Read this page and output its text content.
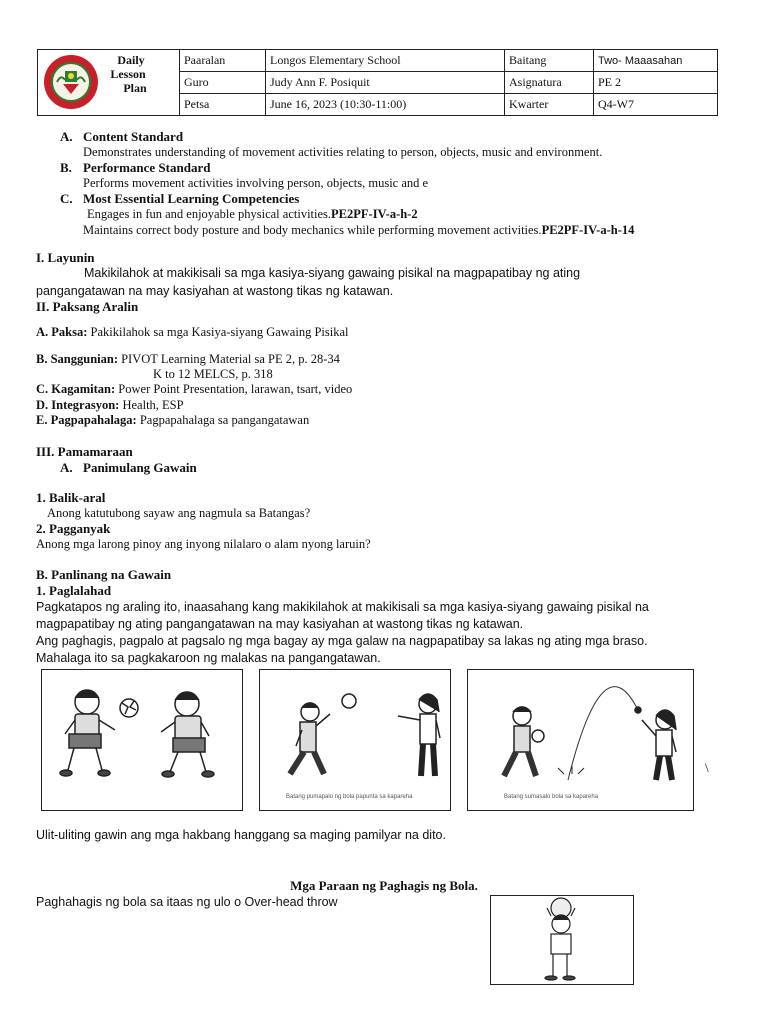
Daily
Lesson
Plan	Paaralan	Longos Elementary School	Baitang	Two- Maaasahan
	Guro	Judy Ann F. Posiquit	Asignatura	PE 2
	Petsa	June 16, 2023 (10:30-11:00)	Kwarter	Q4-W7
A. Content Standard
Demonstrates understanding of movement activities relating to person, objects, music and environment.
B. Performance Standard
Performs movement activities involving person, objects, music and e
C. Most Essential Learning Competencies
Engages in fun and enjoyable physical activities.PE2PF-IV-a-h-2
Maintains correct body posture and body mechanics while performing movement activities.PE2PF-IV-a-h-14
I. Layunin
Makikilahok at makikisali sa mga kasiya-siyang gawaing pisikal na magpapatibay ng ating
pangangatawan na may kasiyahan at wastong tikas ng katawan.
II. Paksang Aralin
A. Paksa: Pakikilahok sa mga Kasiya-siyang Gawaing Pisikal
B. Sanggunian: PIVOT Learning Material sa PE 2, p. 28-34
K to 12 MELCS, p. 318
C. Kagamitan: Power Point Presentation, larawan, tsart, video
D. Integrasyon: Health, ESP
E. Pagpapahalaga: Pagpapahalaga sa pangangatawan
III. Pamamaraan
A. Panimulang Gawain
1. Balik-aral
Anong katutubong sayaw ang nagmula sa Batangas?
2. Pagganyak
Anong mga larong pinoy ang inyong nilalaro o alam nyong laruin?
B. Panlinang na Gawain
1. Paglalahad
Pagkatapos ng araling ito, inaasahang kang makikilahok at makikisali sa mga kasiya-siyang gawaing pisikal na
magpapatibay ng ating pangangatawan na may kasiyahan at wastong tikas ng katawan.
Ang paghagis, pagpalo at pagsalo ng mga bagay ay mga galaw na nagpapatibay sa lakas ng ating mga braso.
Mahalaga ito sa pagkakaroon ng malakas na pangangatawan.
Batang pumapalo ng bola papunta sa kapareha	Batang sumasalo bola sa kapareha
\
Ulit-uliting gawin ang mga hakbang hanggang sa maging pamilyar na dito.
Mga Paraan ng Paghagis ng Bola.
Paghahagis ng bola sa itaas ng ulo o Over-head throw
